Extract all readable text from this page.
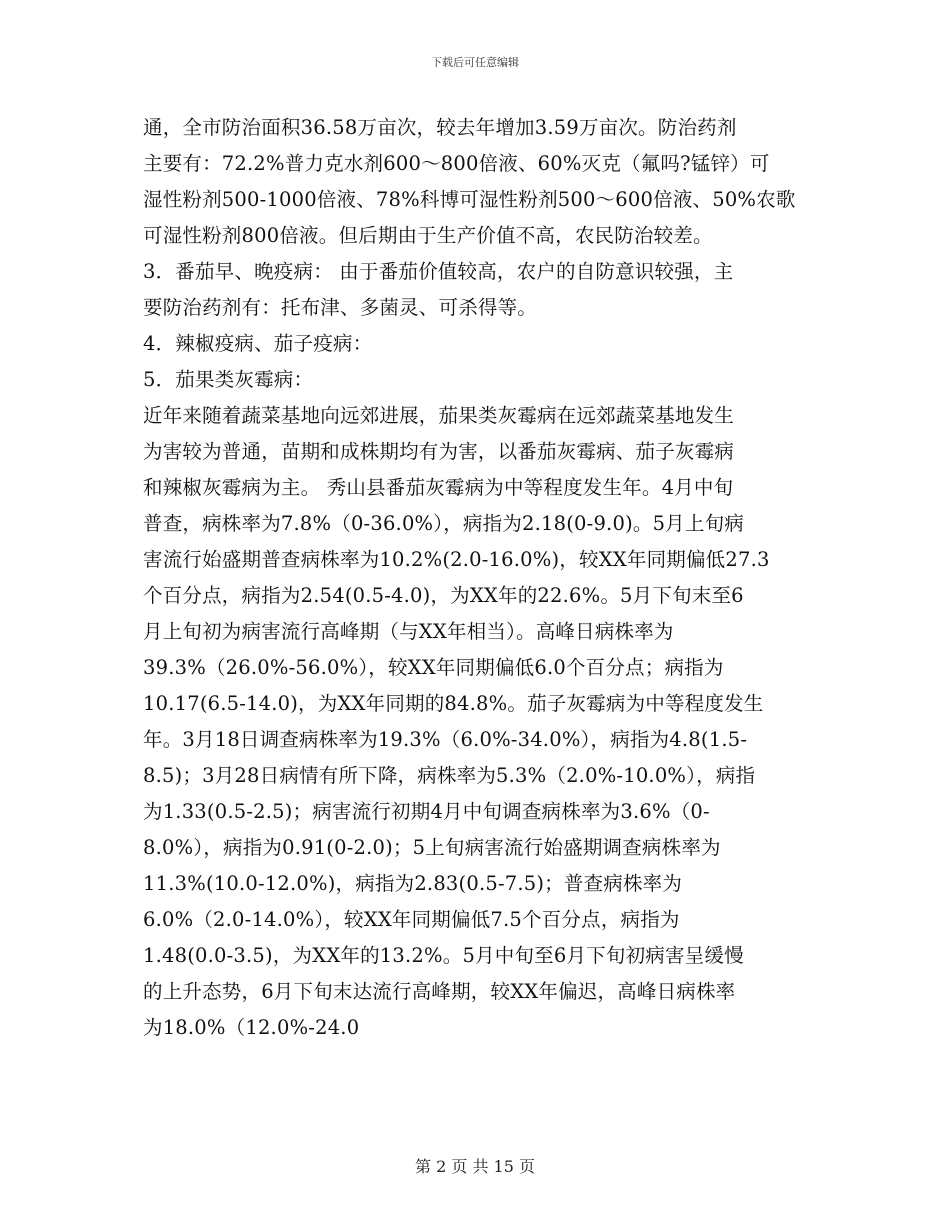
下载后可任意编辑
通，全市防治面积36.58万亩次，较去年增加3.59万亩次。防治药剂
主要有：72.2%普力克水剂600～800倍液、60%灭克（氟吗?锰锌）可
湿性粉剂500-1000倍液、78%科博可湿性粉剂500～600倍液、50%农歌
可湿性粉剂800倍液。但后期由于生产价值不高，农民防治较差。
3．番茄早、晚疫病： 由于番茄价值较高，农户的自防意识较强，主
要防治药剂有：托布津、多菌灵、可杀得等。
4．辣椒疫病、茄子疫病：
5．茄果类灰霉病：
近年来随着蔬菜基地向远郊进展，茄果类灰霉病在远郊蔬菜基地发生
为害较为普通，苗期和成株期均有为害，以番茄灰霉病、茄子灰霉病
和辣椒灰霉病为主。 秀山县番茄灰霉病为中等程度发生年。4月中旬
普查，病株率为7.8%（0-36.0%），病指为2.18(0-9.0)。5月上旬病
害流行始盛期普查病株率为10.2%(2.0-16.0%)，较XX年同期偏低27.3
个百分点，病指为2.54(0.5-4.0)，为XX年的22.6%。5月下旬末至6
月上旬初为病害流行高峰期（与XX年相当）。高峰日病株率为
39.3%（26.0%-56.0%），较XX年同期偏低6.0个百分点；病指为
10.17(6.5-14.0)，为XX年同期的84.8%。茄子灰霉病为中等程度发生
年。3月18日调查病株率为19.3%（6.0%-34.0%），病指为4.8(1.5-
8.5)；3月28日病情有所下降，病株率为5.3%（2.0%-10.0%），病指
为1.33(0.5-2.5)；病害流行初期4月中旬调查病株率为3.6%（0-
8.0%），病指为0.91(0-2.0)；5上旬病害流行始盛期调查病株率为
11.3%(10.0-12.0%)，病指为2.83(0.5-7.5)；普查病株率为
6.0%（2.0-14.0%），较XX年同期偏低7.5个百分点，病指为
1.48(0.0-3.5)，为XX年的13.2%。5月中旬至6月下旬初病害呈缓慢
的上升态势，6月下旬末达流行高峰期，较XX年偏迟，高峰日病株率
为18.0%（12.0%-24.0
第 2 页 共 15 页
